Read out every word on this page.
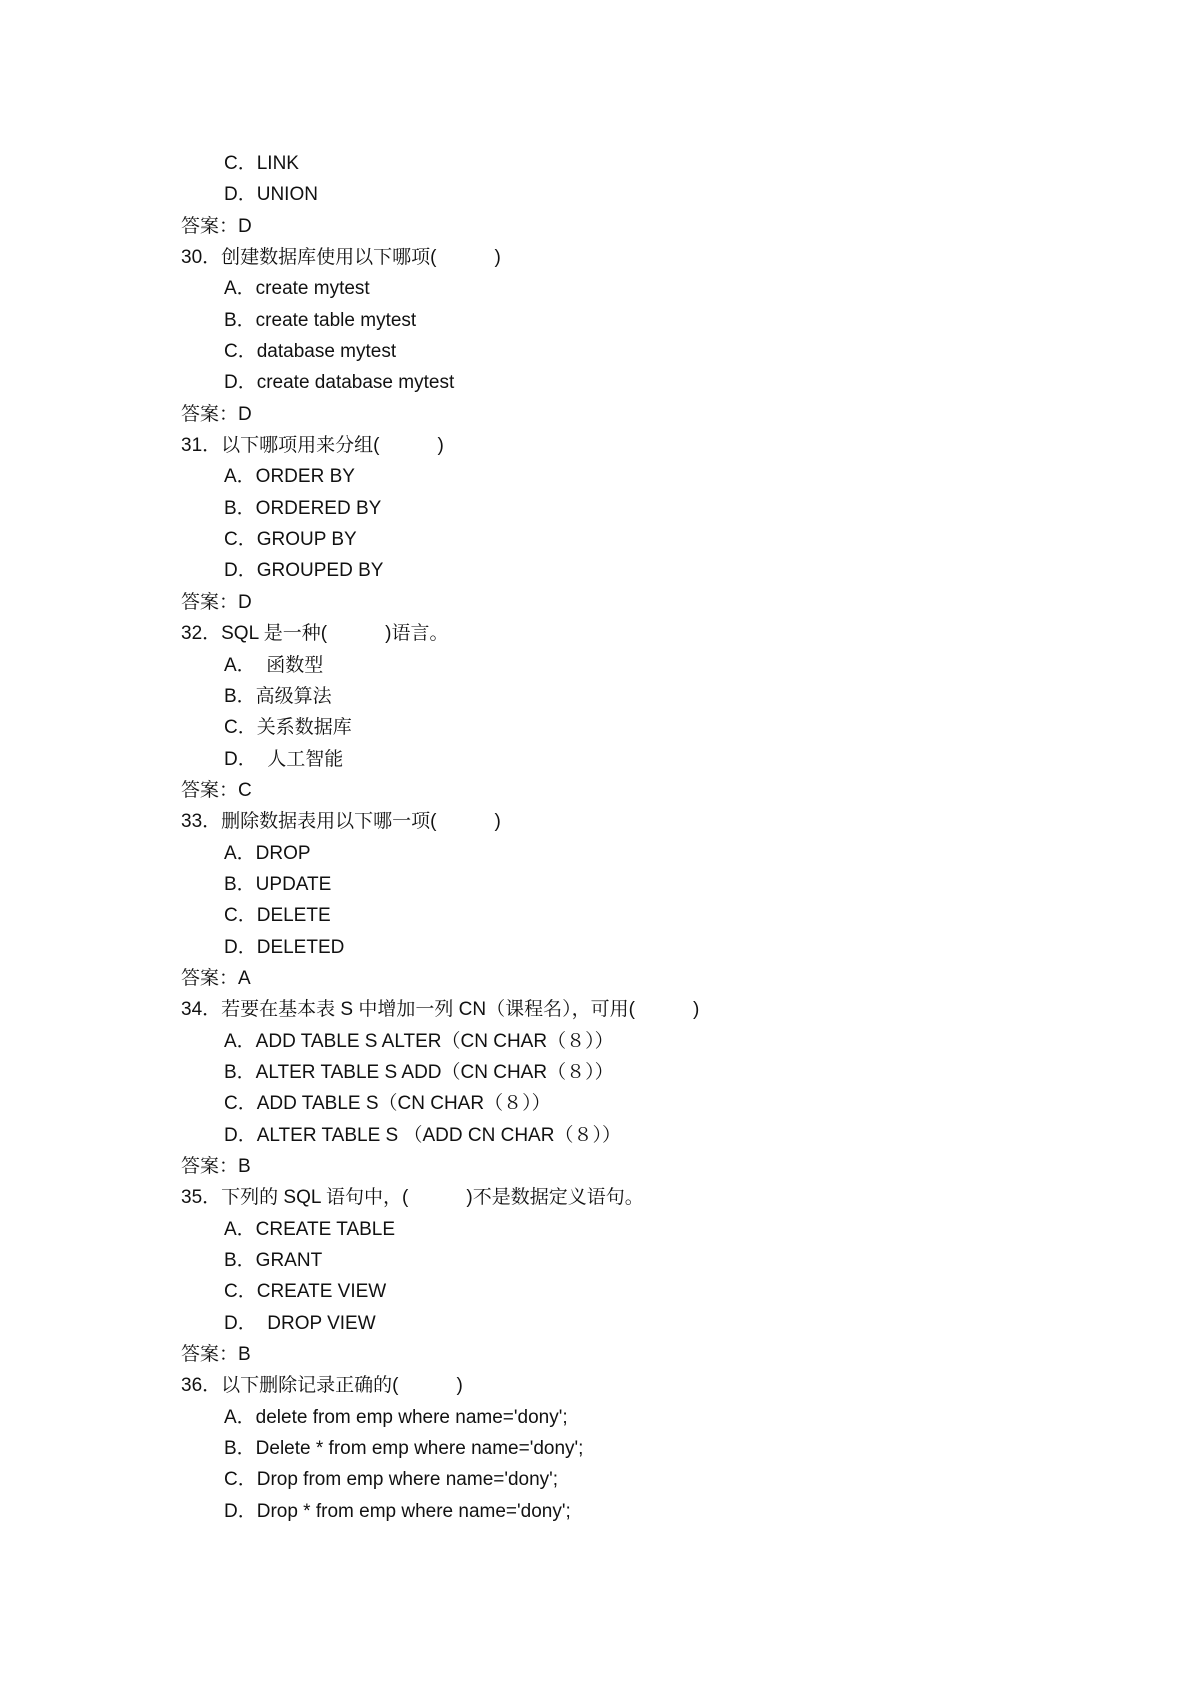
C．LINK
D．UNION
答案：D
30．创建数据库使用以下哪项(           )
A．create mytest
B．create table mytest
C．database mytest
D．create database mytest
答案：D
31．以下哪项用来分组(           )
A．ORDER BY
B．ORDERED BY
C．GROUP BY
D．GROUPED BY
答案：D
32．SQL 是一种(           )语言。
A．  函数型
B．高级算法
C．关系数据库
D．  人工智能
答案：C
33．删除数据表用以下哪一项(           )
A．DROP
B．UPDATE
C．DELETE
D．DELETED
答案：A
34．若要在基本表 S 中增加一列 CN（课程名），可用(           )
A．ADD TABLE S ALTER（CN CHAR（８））
B．ALTER TABLE S ADD（CN CHAR（８））
C．ADD TABLE S（CN CHAR（８））
D．ALTER TABLE S （ADD CN CHAR（８））
答案：B
35．下列的 SQL 语句中，(           )不是数据定义语句。
A．CREATE TABLE
B．GRANT
C．CREATE VIEW
D．  DROP VIEW
答案：B
36．以下删除记录正确的(           )
A．delete from emp where name='dony';
B．Delete * from emp where name='dony';
C．Drop from emp where name='dony';
D．Drop * from emp where name='dony';
